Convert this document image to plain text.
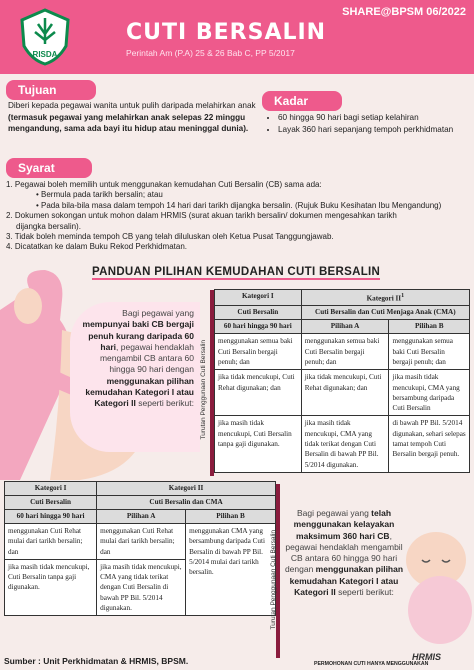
RISDA
CUTI BERSALIN
Perintah Am (P.A) 25 & 26 Bab C, PP 5/2017
SHARE@BPSM 06/2022
Tujuan
Diberi kepada pegawai wanita untuk pulih daripada melahirkan anak (termasuk pegawai yang melahirkan anak selepas 22 minggu mengandung, sama ada bayi itu hidup atau meninggal dunia).
Kadar
• 60 hingga 90 hari bagi setiap kelahiran
• Layak 360 hari sepanjang tempoh perkhidmatan
Syarat
1. Pegawai boleh memilih untuk menggunakan kemudahan Cuti Bersalin (CB) sama ada:
• Bermula pada tarikh bersalin; atau
• Pada bila-bila masa dalam tempoh 14 hari dari tarikh dijangka bersalin. (Rujuk Buku Kesihatan Ibu Mengandung)
2. Dokumen sokongan untuk mohon dalam HRMIS (surat akuan tarikh bersalin/ dokumen mengesahkan tarikh
dijangka bersalin).
3. Tidak boleh meminda tempoh CB yang telah diluluskan oleh Ketua Pusat Tanggungjawab.
4. Dicatatkan ke dalam Buku Rekod Perkhidmatan.
PANDUAN PILIHAN KEMUDAHAN CUTI BERSALIN
Bagi pegawai yang mempunyai baki CB bergaji penuh kurang daripada 60 hari, pegawai hendaklah mengambil CB antara 60 hingga 90 hari dengan menggunakan pilihan kemudahan Kategori I atau Kategori II seperti berikut: Turutan Penggunaan Cuti Bersalin
Kategori I	Kategori $II^1$
Cuti Bersalin	Cuti Bersalin dan Cuti Menjaga Anak (CMA)	
60 hari hingga 90 hari	Pilihan A	Pilihan B
menggunakan semua baki Cuti Bersalin bergaji penuh; dan	menggunakan semua baki Cuti Bersalin bergaji penuh; dan	menggunakan semua baki Cuti Bersalin bergaji penuh; dan
jika tidak mencukupi, Cuti Rehat digunakan; dan	jika tidak mencukupi, Cuti Rehat digunakan; dan	jika masih tidak mencukupi, CMA yang bersambung daripada Cuti Bersalin
jika masih tidak mencukupi, Cuti Bersalin tanpa gaji digunakan.	jika masih tidak mencukupi, CMA yang tidak terikat dengan Cuti Bersalin di bawah PP Bil. 5/2014 digunakan.	di bawah PP Bil. 5/2014 digunakan, sehari selepas tamat tempoh Cuti Bersalin bergaji penuh.
Kategori I	Kategori II	
Cuti Bersalin	Cuti Bersalin dan CMA	
60 hari hingga 90 hari	Pilihan A	Pilihan B
menggunakan Cuti Rehat mulai dari tarikh bersalin; dan	menggunakan Cuti Rehat mulai dari tarikh bersalin; dan	menggunakan CMA yang bersambung daripada Cuti Bersalin di bawah PP Bil. 5/2014 mulai dari tarikh bersalin.
jika masih tidak mencukupi, Cuti Bersalin tanpa gaji digunakan.	jika masih tidak mencukupi, CMA yang tidak terikat dengan Cuti Bersalin di bawah PP Bil. 5/2014 digunakan.		Turutan Penggunaan Cuti Bersalin
Bagi pegawai yang telah menggunakan kelayakan maksimum 360 hari CB, pegawai hendaklah mengambil CB antara 60 hingga 90 hari dengan menggunakan pilihan kemudahan Kategori I atau Kategori II seperti berikut:
Sumber : Unit Perkhidmatan & HRMIS, BPSM.	PERMOHONAN CUTI HANYA MENGGUNAKAN
HRMIS
